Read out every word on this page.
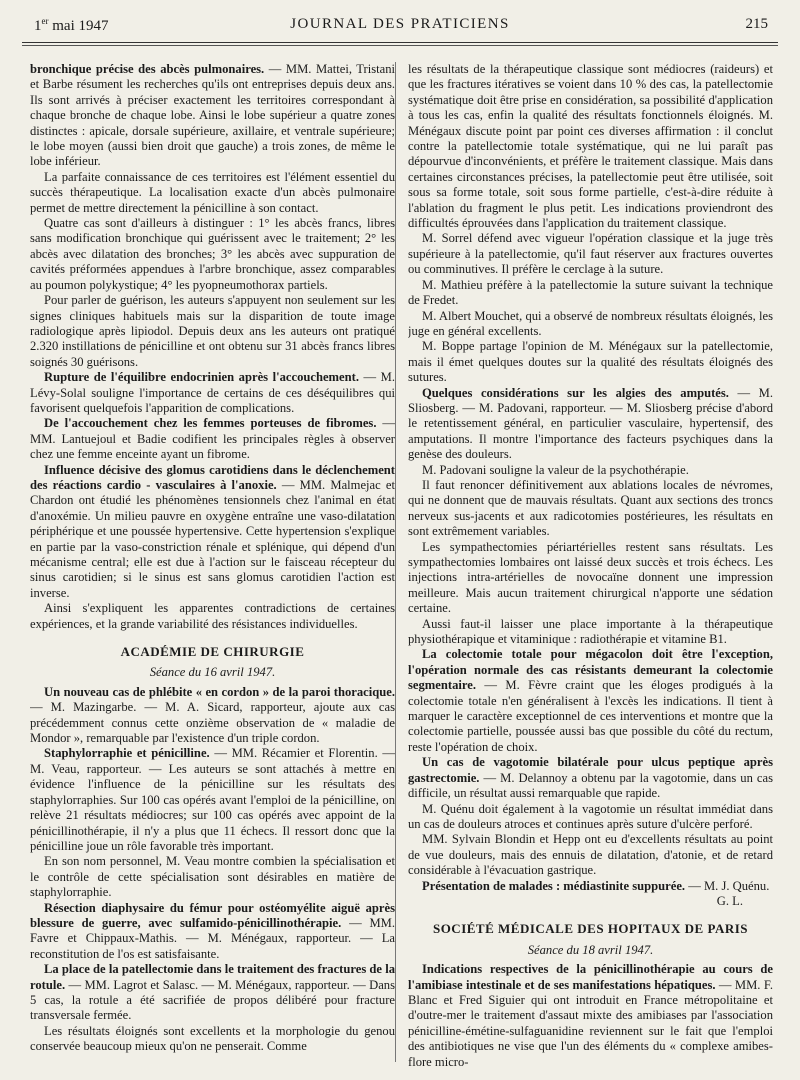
1er mai 1947	JOURNAL DES PRATICIENS	215

bronchique précise des abcès pulmonaires. — MM. Mattei, Tristani et Barbe résument les recherches qu'ils ont entreprises depuis deux ans. Ils sont arrivés à préciser exactement les territoires correspondant à chaque bronche de chaque lobe. Ainsi le lobe supérieur a quatre zones distinctes : apicale, dorsale supérieure, axillaire, et ventrale supérieure; le lobe moyen (aussi bien droit que gauche) a trois zones, de même le lobe inférieur.

La parfaite connaissance de ces territoires est l'élément essentiel du succès thérapeutique. La localisation exacte d'un abcès pulmonaire permet de mettre directement la pénicilline à son contact.

Quatre cas sont d'ailleurs à distinguer : 1° les abcès francs, libres sans modification bronchique qui guérissent avec le traitement; 2° les abcès avec dilatation des bronches; 3° les abcès avec suppuration de cavités préformées appendues à l'arbre bronchique, assez comparables au poumon polykystique; 4° les pyopneumothorax partiels.

Pour parler de guérison, les auteurs s'appuyent non seulement sur les signes cliniques habituels mais sur la disparition de toute image radiologique après lipiodol. Depuis deux ans les auteurs ont pratiqué 2.320 instillations de pénicilline et ont obtenu sur 31 abcès francs libres soignés 30 guérisons.

Rupture de l'équilibre endocrinien après l'accouchement. — M. Lévy-Solal souligne l'importance de certains de ces déséquilibres qui favorisent quelquefois l'apparition de complications.

De l'accouchement chez les femmes porteuses de fibromes. — MM. Lantuejoul et Badie codifient les principales règles à observer chez une femme enceinte ayant un fibrome.

Influence décisive des glomus carotidiens dans le déclenchement des réactions cardio - vasculaires à l'anoxie. — MM. Malmejac et Chardon ont étudié les phénomènes tensionnels chez l'animal en état d'anoxémie. Un milieu pauvre en oxygène entraîne une vaso-dilatation périphérique et une poussée hypertensive. Cette hypertension s'explique en partie par la vaso-constriction rénale et splénique, qui dépend d'un mécanisme central; elle est due à l'action sur le faisceau récepteur du sinus carotidien; si le sinus est sans glomus carotidien l'action est inverse.

Ainsi s'expliquent les apparentes contradictions de certaines expériences, et la grande variabilité des résistances individuelles.

ACADÉMIE DE CHIRURGIE
Séance du 16 avril 1947.

Un nouveau cas de phlébite « en cordon » de la paroi thoracique. — M. Mazingarbe. — M. A. Sicard, rapporteur, ajoute aux cas précédemment connus cette onzième observation de « maladie de Mondor », remarquable par l'existence d'un triple cordon.

Staphylorraphie et pénicilline. — MM. Récamier et Florentin. — M. Veau, rapporteur. — Les auteurs se sont attachés à mettre en évidence l'influence de la pénicilline sur les résultats des staphylorraphies. Sur 100 cas opérés avant l'emploi de la pénicilline, on relève 21 résultats médiocres; sur 100 cas opérés avec appoint de la pénicillinothérapie, il n'y a plus que 11 échecs. Il ressort donc que la pénicilline joue un rôle favorable très important.

En son nom personnel, M. Veau montre combien la spécialisation et le contrôle de cette spécialisation sont désirables en matière de staphylorraphie.

Résection diaphysaire du fémur pour ostéomyélite aiguë après blessure de guerre, avec sulfamido-pénicillinothérapie. — MM. Favre et Chippaux-Mathis. — M. Ménégaux, rapporteur. — La reconstitution de l'os est satisfaisante.

La place de la patellectomie dans le traitement des fractures de la rotule. — MM. Lagrot et Salasc. — M. Ménégaux, rapporteur. — Dans 5 cas, la rotule a été sacrifiée de propos délibéré pour fracture transversale fermée.

Les résultats éloignés sont excellents et la morphologie du genou conservée beaucoup mieux qu'on ne penserait. Comme

les résultats de la thérapeutique classique sont médiocres (raideurs) et que les fractures itératives se voient dans 10 % des cas, la patellectomie systématique doit être prise en considération, sa possibilité d'application à tous les cas, enfin la qualité des résultats fonctionnels éloignés. M. Ménégaux discute point par point ces diverses affirmation : il conclut contre la patellectomie totale systématique, qui ne lui paraît pas dépourvue d'inconvénients, et préfère le traitement classique. Mais dans certaines circonstances précises, la patellectomie peut être utilisée, soit sous sa forme totale, soit sous forme partielle, c'est-à-dire réduite à l'ablation du fragment le plus petit. Les indications proviendront des difficultés éprouvées dans l'application du traitement classique.

M. Sorrel défend avec vigueur l'opération classique et la juge très supérieure à la patellectomie, qu'il faut réserver aux fractures ouvertes ou comminutives. Il préfère le cerclage à la suture.

M. Mathieu préfère à la patellectomie la suture suivant la technique de Fredet.

M. Albert Mouchet, qui a observé de nombreux résultats éloignés, les juge en général excellents.

M. Boppe partage l'opinion de M. Ménégaux sur la patellectomie, mais il émet quelques doutes sur la qualité des résultats éloignés des sutures.

Quelques considérations sur les algies des amputés. — M. Sliosberg. — M. Padovani, rapporteur. — M. Sliosberg précise d'abord le retentissement général, en particulier vasculaire, hypertensif, des amputations. Il montre l'importance des facteurs psychiques dans la genèse des douleurs.

M. Padovani souligne la valeur de la psychothérapie.

Il faut renoncer définitivement aux ablations locales de névromes, qui ne donnent que de mauvais résultats. Quant aux sections des troncs nerveux sus-jacents et aux radicotomies postérieures, les résultats en sont extrêmement variables.

Les sympathectomies périartérielles restent sans résultats. Les sympathectomies lombaires ont laissé deux succès et trois échecs. Les injections intra-artérielles de novocaïne donnent une impression meilleure. Mais aucun traitement chirurgical n'apporte une sédation certaine.

Aussi faut-il laisser une place importante à la thérapeutique physiothérapique et vitaminique : radiothérapie et vitamine B1.

La colectomie totale pour mégacolon doit être l'exception, l'opération normale des cas résistants demeurant la colectomie segmentaire. — M. Fèvre craint que les éloges prodigués à la colectomie totale n'en généralisent à l'excès les indications. Il tient à marquer le caractère exceptionnel de ces interventions et montre que la colectomie partielle, poussée aussi bas que possible du côté du rectum, reste l'opération de choix.

Un cas de vagotomie bilatérale pour ulcus peptique après gastrectomie. — M. Delannoy a obtenu par la vagotomie, dans un cas difficile, un résultat aussi remarquable que rapide.

M. Quénu doit également à la vagotomie un résultat immédiat dans un cas de douleurs atroces et continues après suture d'ulcère perforé.

MM. Sylvain Blondin et Hepp ont eu d'excellents résultats au point de vue douleurs, mais des ennuis de dilatation, d'atonie, et de retard considérable à l'évacuation gastrique.

Présentation de malades : médiastinite suppurée. — M. J. Quénu.

G. L.
SOCIÉTÉ MÉDICALE DES HOPITAUX DE PARIS
Séance du 18 avril 1947.

Indications respectives de la pénicillinothérapie au cours de l'amibiase intestinale et de ses manifestations hépatiques. — MM. F. Blanc et Fred Siguier qui ont introduit en France métropolitaine et d'outre-mer le traitement d'assaut mixte des amibiases par l'association pénicilline-émétine-sulfaguanidine reviennent sur le fait que l'emploi des antibiotiques ne vise que l'un des éléments du « complexe amibes-flore micro-
